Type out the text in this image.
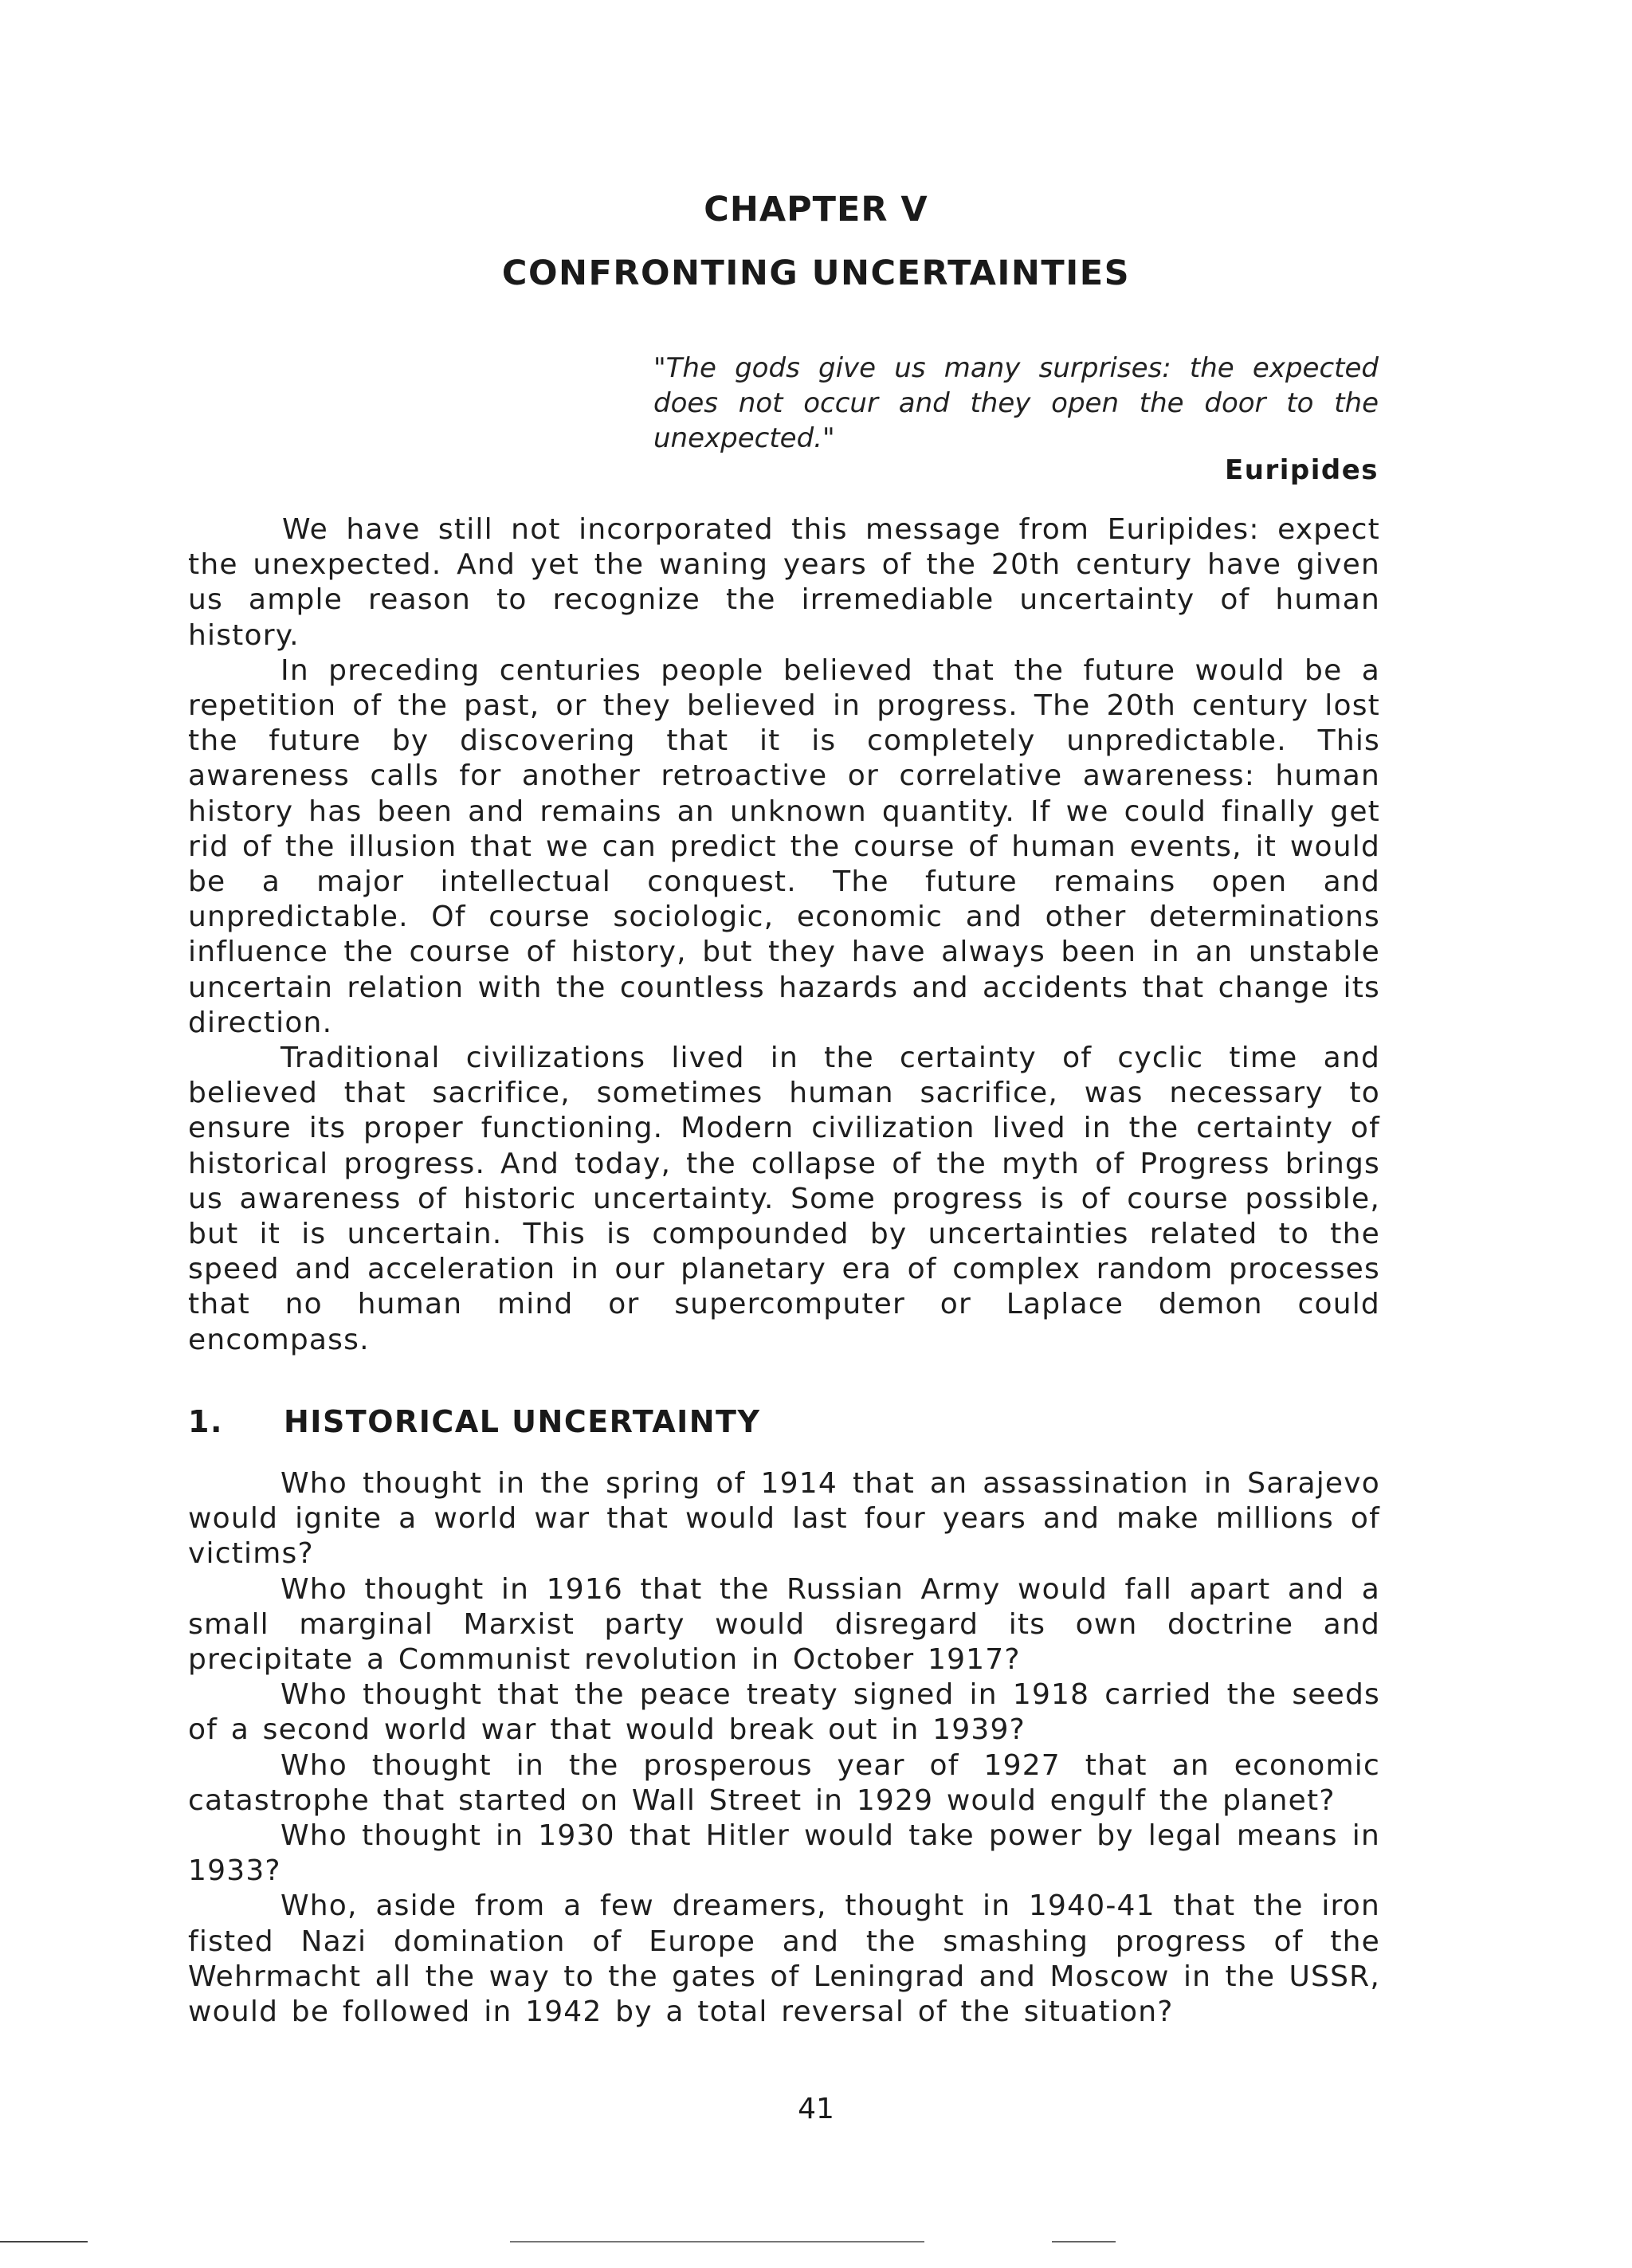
CHAPTER V
CONFRONTING UNCERTAINTIES
"The gods give us many surprises: the expected does not occur and they open the door to the unexpected."
Euripides

We have still not incorporated this message from Euripides: expect the unexpected. And yet the waning years of the 20th century have given us ample reason to recognize the irremediable uncertainty of human history.

In preceding centuries people believed that the future would be a repetition of the past, or they believed in progress. The 20th century lost the future by discovering that it is completely unpredictable. This awareness calls for another retroactive or correlative awareness: human history has been and remains an unknown quantity. If we could finally get rid of the illusion that we can predict the course of human events, it would be a major intellectual conquest. The future remains open and unpredictable. Of course sociologic, economic and other determinations influence the course of history, but they have always been in an unstable uncertain relation with the countless hazards and accidents that change its direction.

Traditional civilizations lived in the certainty of cyclic time and believed that sacrifice, sometimes human sacrifice, was necessary to ensure its proper functioning. Modern civilization lived in the certainty of historical progress. And today, the collapse of the myth of Progress brings us awareness of historic uncertainty. Some progress is of course possible, but it is uncertain. This is compounded by uncertainties related to the speed and acceleration in our planetary era of complex random processes that no human mind or supercomputer or Laplace demon could encompass.

1. HISTORICAL UNCERTAINTY

Who thought in the spring of 1914 that an assassination in Sarajevo would ignite a world war that would last four years and make millions of victims?

Who thought in 1916 that the Russian Army would fall apart and a small marginal Marxist party would disregard its own doctrine and precipitate a Communist revolution in October 1917?

Who thought that the peace treaty signed in 1918 carried the seeds of a second world war that would break out in 1939?

Who thought in the prosperous year of 1927 that an economic catastrophe that started on Wall Street in 1929 would engulf the planet?

Who thought in 1930 that Hitler would take power by legal means in 1933?

Who, aside from a few dreamers, thought in 1940-41 that the iron fisted Nazi domination of Europe and the smashing progress of the Wehrmacht all the way to the gates of Leningrad and Moscow in the USSR, would be followed in 1942 by a total reversal of the situation?

41
